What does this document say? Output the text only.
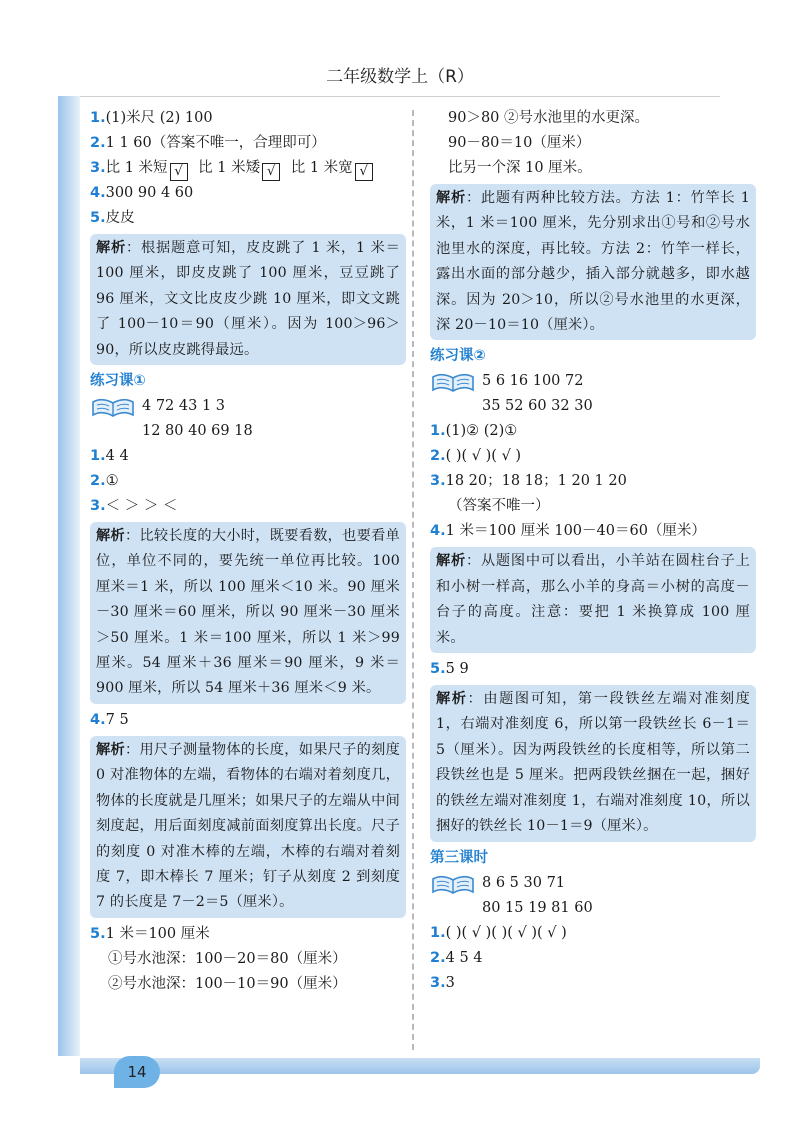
二年级数学上（R）
14
1.(1)米尺 (2) 100
2.1 1 60（答案不唯一，合理即可）
3.比 1 米短 √ 比 1 米矮 √ 比 1 米宽 √
4.300 90 4 60
5.皮皮
解析：根据题意可知，皮皮跳了 1 米，1 米＝100 厘米，即皮皮跳了 100 厘米，豆豆跳了 96 厘米，文文比皮皮少跳 10 厘米，即文文跳了 100－10＝90（厘米）。因为 100＞96＞90，所以皮皮跳得最远。
练习课①
4 72 43 1 3
12 80 40 69 18
1.4 4
2.①
3.＜ ＞ ＞ ＜
解析：比较长度的大小时，既要看数，也要看单位，单位不同的，要先统一单位再比较。100 厘米＝1 米，所以 100 厘米＜10 米。90 厘米－30 厘米＝60 厘米，所以 90 厘米－30 厘米＞50 厘米。1 米＝100 厘米，所以 1 米＞99 厘米。54 厘米＋36 厘米＝90 厘米，9 米＝900 厘米，所以 54 厘米＋36 厘米＜9 米。
4.7 5
解析：用尺子测量物体的长度，如果尺子的刻度 0 对准物体的左端，看物体的右端对着刻度几，物体的长度就是几厘米；如果尺子的左端从中间刻度起，用后面刻度减前面刻度算出长度。尺子的刻度 0 对准木棒的左端，木棒的右端对着刻度 7，即木棒长 7 厘米；钉子从刻度 2 到刻度 7 的长度是 7－2＝5（厘米）。
5.1 米＝100 厘米
①号水池深：100－20＝80（厘米）
②号水池深：100－10＝90（厘米）
90＞80 ②号水池里的水更深。
90－80＝10（厘米）
比另一个深 10 厘米。
解析：此题有两种比较方法。方法 1：竹竿长 1 米，1 米＝100 厘米，先分别求出①号和②号水池里水的深度，再比较。方法 2：竹竿一样长，露出水面的部分越少，插入部分就越多，即水越深。因为 20＞10，所以②号水池里的水更深，深 20－10＝10（厘米）。
练习课②
5 6 16 100 72
35 52 60 32 30
1.(1)② (2)①
2.( )( √ )( √ )
3.18 20；18 18；1 20 1 20
（答案不唯一）
4.1 米＝100 厘米 100－40＝60（厘米）
解析：从题图中可以看出，小羊站在圆柱台子上和小树一样高，那么小羊的身高＝小树的高度－台子的高度。注意：要把 1 米换算成 100 厘米。
5.5 9
解析：由题图可知，第一段铁丝左端对准刻度 1，右端对准刻度 6，所以第一段铁丝长 6－1＝5（厘米）。因为两段铁丝的长度相等，所以第二段铁丝也是 5 厘米。把两段铁丝捆在一起，捆好的铁丝左端对准刻度 1，右端对准刻度 10，所以捆好的铁丝长 10－1＝9（厘米）。
第三课时
8 6 5 30 71
80 15 19 81 60
1.( )( √ )( )( √ )( √ )
2.4 5 4
3.3
